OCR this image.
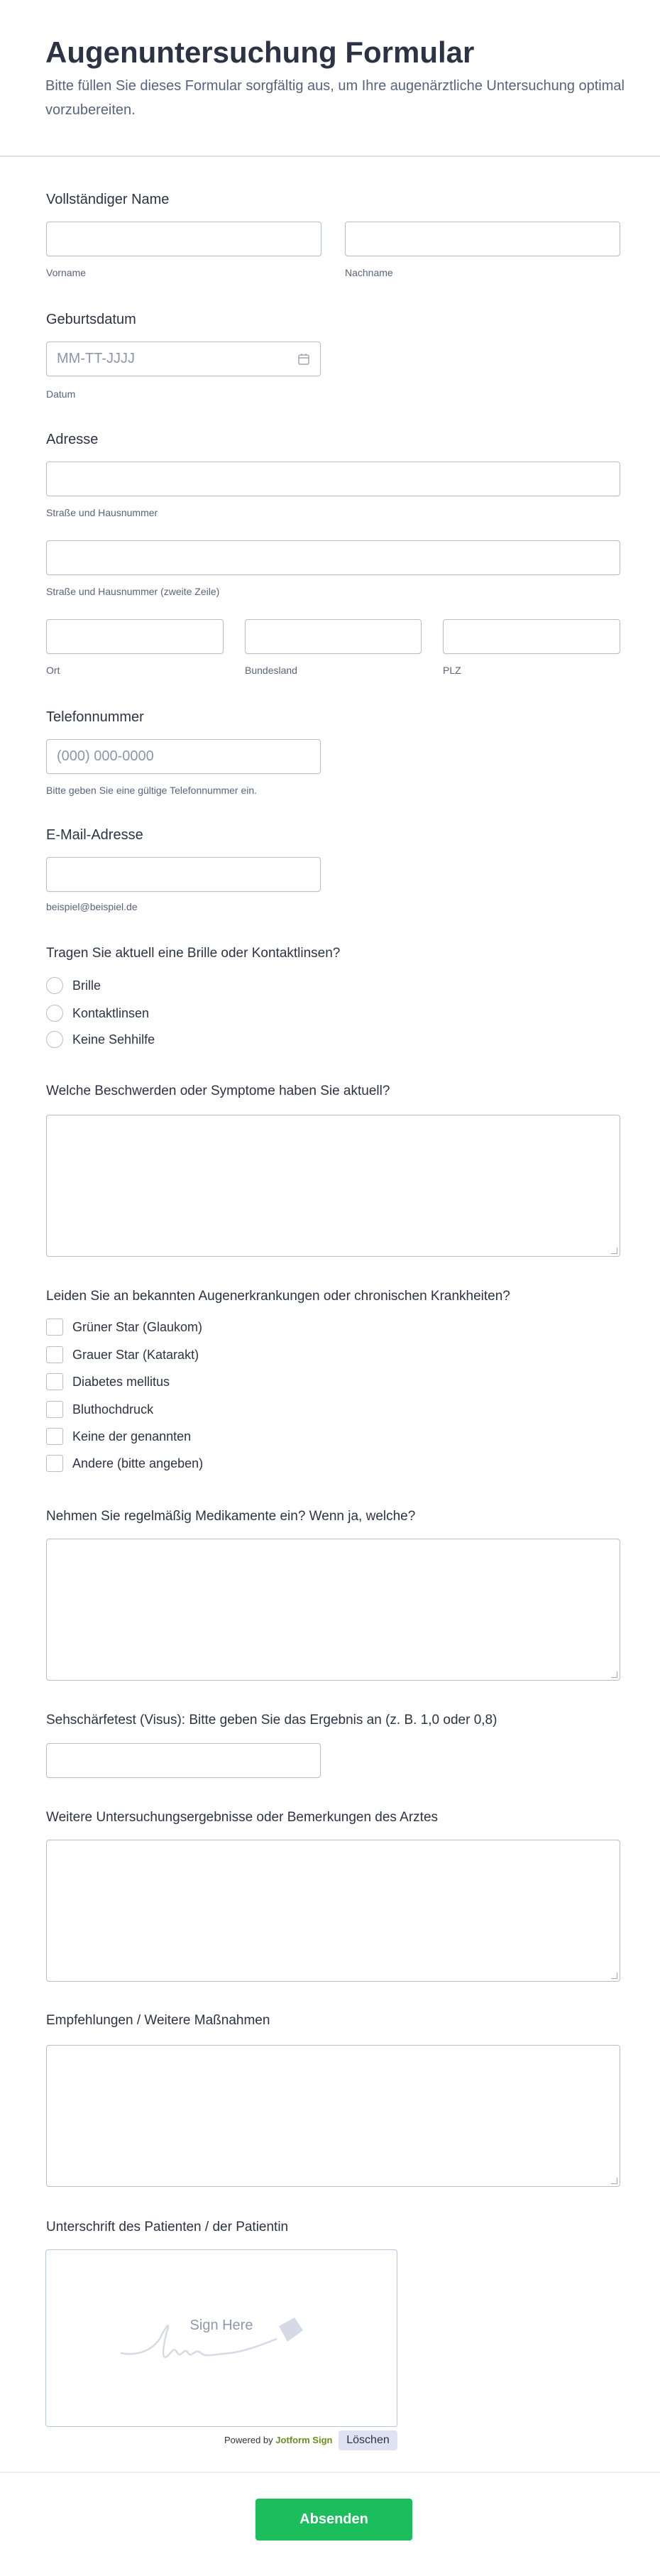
Augenuntersuchung Formular

Bitte füllen Sie dieses Formular sorgfältig aus, um Ihre augenärztliche Untersuchung optimal vorzubereiten.

Vollständiger Name
Vorname	Nachname
Geburtsdatum
MM-TT-JJJJ
Datum
Adresse
Straße und Hausnummer
Straße und Hausnummer (zweite Zeile)
Ort	Bundesland	PLZ
Telefonnummer
(000) 000-0000
Bitte geben Sie eine gültige Telefonnummer ein.
E-Mail-Adresse
beispiel@beispiel.de
Tragen Sie aktuell eine Brille oder Kontaktlinsen?
Brille
Kontaktlinsen
Keine Sehhilfe
Welche Beschwerden oder Symptome haben Sie aktuell?
Leiden Sie an bekannten Augenerkrankungen oder chronischen Krankheiten?
Grüner Star (Glaukom)
Grauer Star (Katarakt)
Diabetes mellitus
Bluthochdruck
Keine der genannten
Andere (bitte angeben)
Nehmen Sie regelmäßig Medikamente ein? Wenn ja, welche?
Sehschärfetest (Visus): Bitte geben Sie das Ergebnis an (z. B. 1,0 oder 0,8)
Weitere Untersuchungsergebnisse oder Bemerkungen des Arztes
Empfehlungen / Weitere Maßnahmen
Unterschrift des Patienten / der Patientin
Sign Here
Powered by Jotform Sign	Löschen
Absenden
